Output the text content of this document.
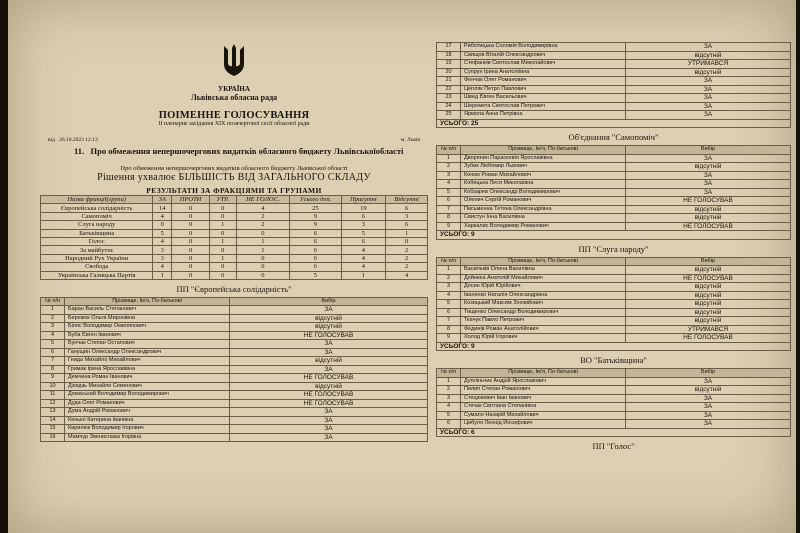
УКРАЇНА
Львівська обласна рада
ПОІМЕННЕ ГОЛОСУВАННЯ
II пленарне засідання XIX позачергової сесії обласної ради
від 26.10.2023 12:13	м. Львів
11. Про обмеження непершочергових видатків обласного бюджету Львівськоїобласті
Про обмеження непершочергових видатків обласного бюджету Львівської області
Рішення ухвалює БІЛЬШІСТЬ ВІД ЗАГАЛЬНОГО СКЛАДУ
РЕЗУЛЬТАТИ ЗА ФРАКЦІЯМИ ТА ГРУПАМИ
Назва фракції(групи)	ЗА	ПРОТИ	УТР.	НЕ ГОЛОС.	Усього деп.	Присутні	Відсутні
Європейська солідарність	14	0	0	4	25	19	6
Самопоміч	4	0	0	2	9	6	3
Слуга народу	0	0	1	2	9	3	6
Батьківщина	5	0	0	0	6	5	1
Голос	4	0	1	1	6	6	0
За майбутнє	3	0	0	1	6	4	2
Народний Рух України	3	0	1	0	6	4	2
Свобода	4	0	0	0	6	4	2
Українська Галицька Партія	1	0	0	0	5	1	4
ПП "Європейська солідарність"
№ п/п	Прізвище, Ім'я, По-батькові	Вибір
1	Баран Василь Степанович	ЗА
2	Березюк Ольга Миронівна	відсутній
3	Біляс Володимир Омелянович	відсутній
4	Буба Євген Іванович	НЕ ГОЛОСУВАВ
5	Бунчак Степан Остапович	ЗА
6	Ганущин Олександр Олександрович	ЗА
7	Гнида Михайло Михайлович	відсутній
8	Гримак Ірина Ярославівна	ЗА
9	Демчина Роман Іванович	НЕ ГОЛОСУВАВ
10	Дзюдзь Михайло Семенович	відсутній
11	Домаський Володимир Володимирович	НЕ ГОЛОСУВАВ
12	Дуда Олег Романович	НЕ ГОЛОСУВАВ
13	Думa Андрій Романович	ЗА
14	Кенько Катерина Іванівна	ЗА
15	Кирилюк Володимир Ігорович	ЗА
16	Мамчур Звенислава Ігорівна	ЗА
17	Риботицька Соломія Володимирівна	ЗА
18	Свищов Віталій Олександрович	відсутній
19	Стефанків Святослав Миколайович	УТРИМАВСЯ
20	Супрун Ірина Анатоліївна	відсутній
21	Фенчак Олег Романович	ЗА
22	Цепляк Петро Павлович	ЗА
23	Швед Євген Васильович	ЗА
24	Шереметa Святослав Петрович	ЗА
25	Ярмола Анна Петрівна	ЗА
УСЬОГО: 25		
Об'єднання "Самопоміч"
№ п/п	Прізвище, Ім'я, По-батькові	Вибір
1	Дворянин Парaскевія Ярославівна	ЗА
2	Зубик Любомир Львович	відсутній
3	Конюк Роман Михайлович	ЗА
4	Кобецька Леся Миколаївна	ЗА
5	Кобзарев Олександр Володимирович	ЗА
6	Олеnич Сергій Романович	НЕ ГОЛОСУВАВ
7	Письменна Тетяна Олександрівна	відсутній
8	Свистун Інна Василівна	відсутній
9	Харкалис Володимир Романович	НЕ ГОЛОСУВАВ
УСЬОГО: 9		
ПП "Слуга народу"
№ п/п	Прізвище, Ім'я, По-батькові	Вибір
1	Васильків Олена Василівна	відсутній
2	Дейнека Анатолій Михайлович	НЕ ГОЛОСУВАВ
3	Досин Юрій Юрійович	відсутній
4	Іваненко Наталія Олександрівна	відсутній
5	Козицький Максим Зіновійович	відсутній
6	Тищенко Олександр Володимирович	відсутній
7	Ткачук Павло Петрович	відсутній
8	Фединів Роман Анатолійович	УТРИМАВСЯ
9	Холод Юрій Ігорович	НЕ ГОЛОСУВАВ
УСЬОГО: 9		
ВО "Батьківщина"
№ п/п	Прізвище, Ім'я, По-батькові	Вибір
1	Дупліньчик Андрій Ярославович	ЗА
2	Пилип Степан Романович	відсутній
3	Стецюкевич Іван Іванович	ЗА
4	Стечак Світлана Степанівна	ЗА
5	Сумало Назарій Михайлович	ЗА
6	Цибуля Леонід Йосифович	ЗА
УСЬОГО: 6		
ПП "Голос"
